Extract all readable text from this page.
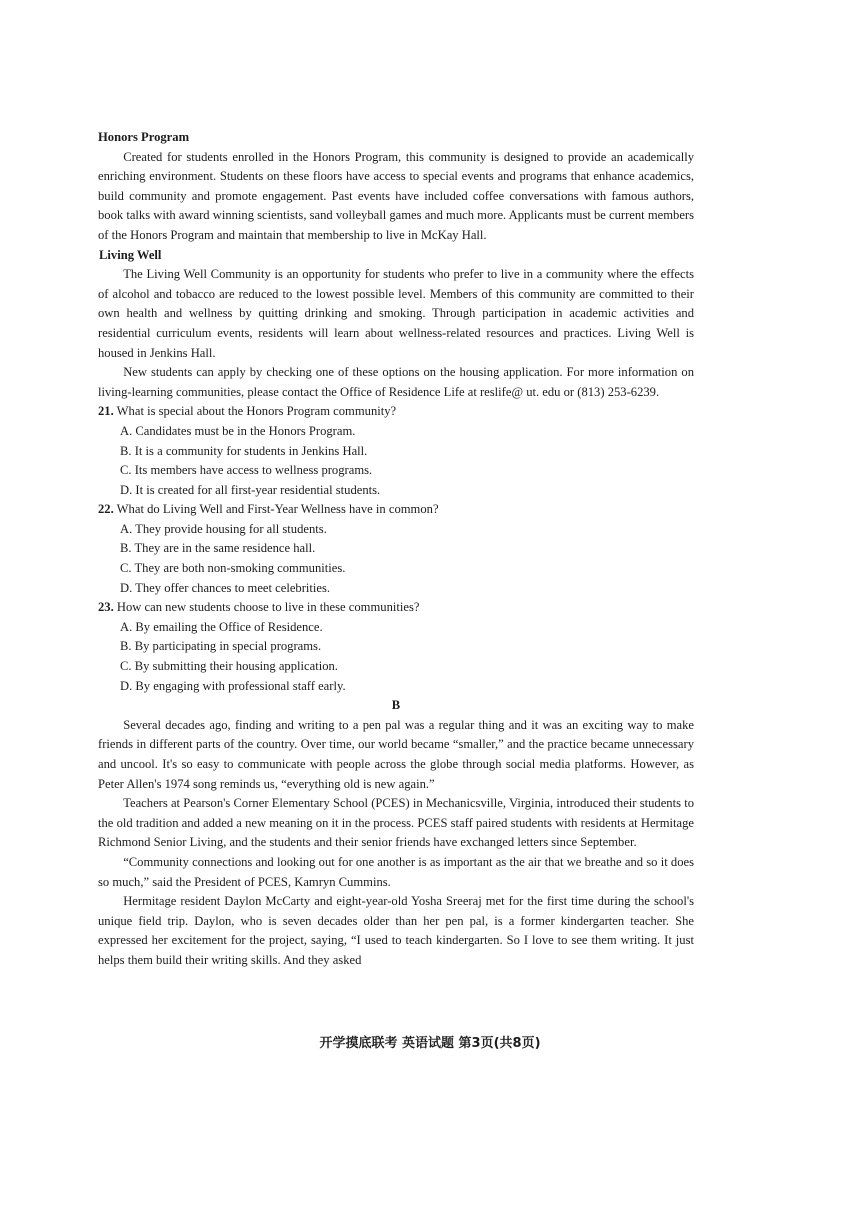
Honors Program

Created for students enrolled in the Honors Program, this community is designed to provide an academically enriching environment. Students on these floors have access to special events and programs that enhance academics, build community and promote engagement. Past events have included coffee conversations with famous authors, book talks with award winning scientists, sand volleyball games and much more. Applicants must be current members of the Honors Program and maintain that membership to live in McKay Hall.

Living Well

The Living Well Community is an opportunity for students who prefer to live in a community where the effects of alcohol and tobacco are reduced to the lowest possible level. Members of this community are committed to their own health and wellness by quitting drinking and smoking. Through participation in academic activities and residential curriculum events, residents will learn about wellness-related resources and practices. Living Well is housed in Jenkins Hall.

New students can apply by checking one of these options on the housing application. For more information on living-learning communities, please contact the Office of Residence Life at reslife@ ut. edu or (813) 253-6239.

21. What is special about the Honors Program community?
A. Candidates must be in the Honors Program.
B. It is a community for students in Jenkins Hall.
C. Its members have access to wellness programs.
D. It is created for all first-year residential students.
22. What do Living Well and First-Year Wellness have in common?
A. They provide housing for all students.
B. They are in the same residence hall.
C. They are both non-smoking communities.
D. They offer chances to meet celebrities.
23. How can new students choose to live in these communities?
A. By emailing the Office of Residence.
B. By participating in special programs.
C. By submitting their housing application.
D. By engaging with professional staff early.
B

Several decades ago, finding and writing to a pen pal was a regular thing and it was an exciting way to make friends in different parts of the country. Over time, our world became “smaller,” and the practice became unnecessary and uncool. It's so easy to communicate with people across the globe through social media platforms. However, as Peter Allen's 1974 song reminds us, “everything old is new again.”

Teachers at Pearson's Corner Elementary School (PCES) in Mechanicsville, Virginia, introduced their students to the old tradition and added a new meaning on it in the process. PCES staff paired students with residents at Hermitage Richmond Senior Living, and the students and their senior friends have exchanged letters since September.

“Community connections and looking out for one another is as important as the air that we breathe and so it does so much,” said the President of PCES, Kamryn Cummins.

Hermitage resident Daylon McCarty and eight-year-old Yosha Sreeraj met for the first time during the school's unique field trip. Daylon, who is seven decades older than her pen pal, is a former kindergarten teacher. She expressed her excitement for the project, saying, “I used to teach kindergarten. So I love to see them writing. It just helps them build their writing skills. And they asked

开学摸底联考 英语试题 第3页(共8页)
